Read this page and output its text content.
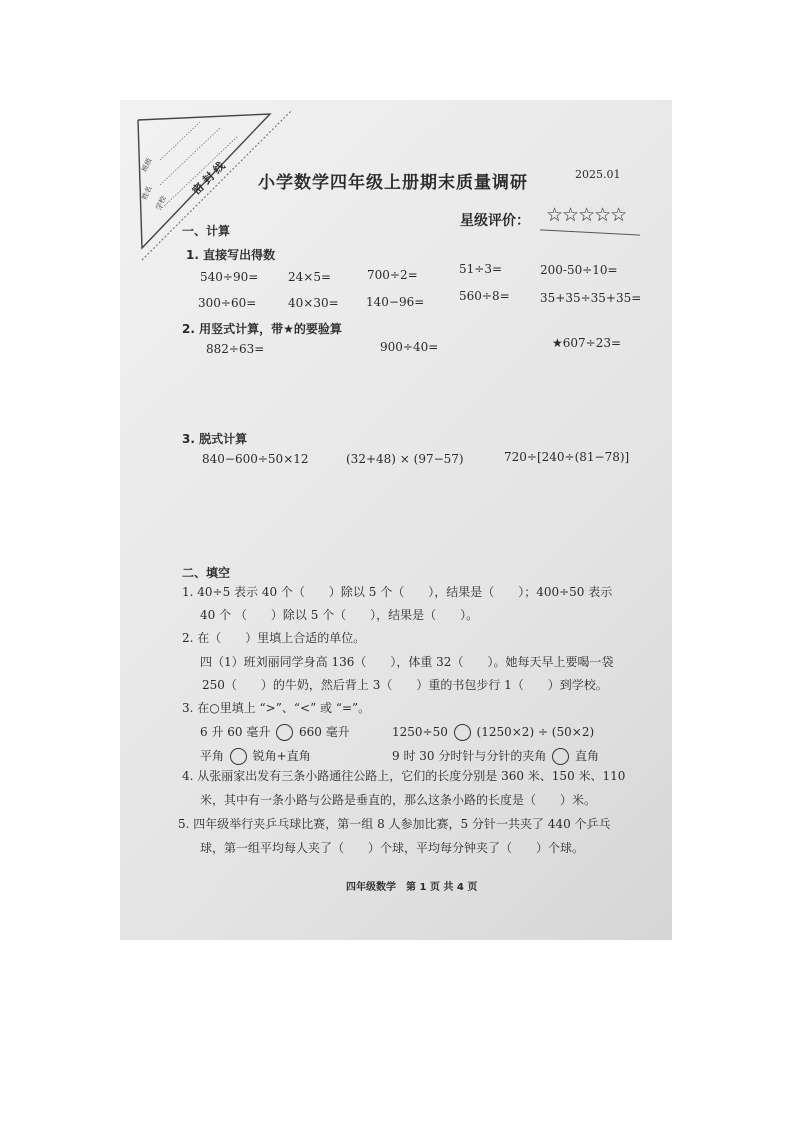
班级
姓名
学校
密 封 线 小学数学四年级上册期末质量调研	2025.01
星级评价： ☆☆☆☆☆
一、计算
1. 直接写出得数
540÷90= 24×5=	700÷2=	51÷3=	200-50÷10=
300÷60=	40×30= 140−96=	560÷8=	35+35÷35+35=
2. 用竖式计算，带★的要验算
882÷63=	900÷40=	★607÷23=
3. 脱式计算
840−600÷50×12	(32+48) × (97−57)	720÷[240÷(81−78)]
二、填空
1. 40÷5 表示 40 个（　　）除以 5 个（　　），结果是（　　）；400÷50 表示
40 个 （　　）除以 5 个（　　），结果是（　　）。
2. 在（　　）里填上合适的单位。
四（1）班刘丽同学身高 136（　　），体重 32（　　）。她每天早上要喝一袋
250（　　）的牛奶，然后背上 3（　　）重的书包步行 1（　　）到学校。
3. 在○里填上 “>”、“<” 或 “=”。
6 升 60 毫升 660 毫升	1250÷50 (1250×2) ÷ (50×2)
平角 锐角+直角	9 时 30 分时针与分针的夹角 直角
4. 从张丽家出发有三条小路通往公路上，它们的长度分别是 360 米、150 米、110
米，其中有一条小路与公路是垂直的，那么这条小路的长度是（　　）米。
5. 四年级举行夹乒乓球比赛，第一组 8 人参加比赛，5 分针一共夹了 440 个乒乓
球，第一组平均每人夹了（　　）个球，平均每分钟夹了（　　）个球。
四年级数学　第 1 页 共 4 页
